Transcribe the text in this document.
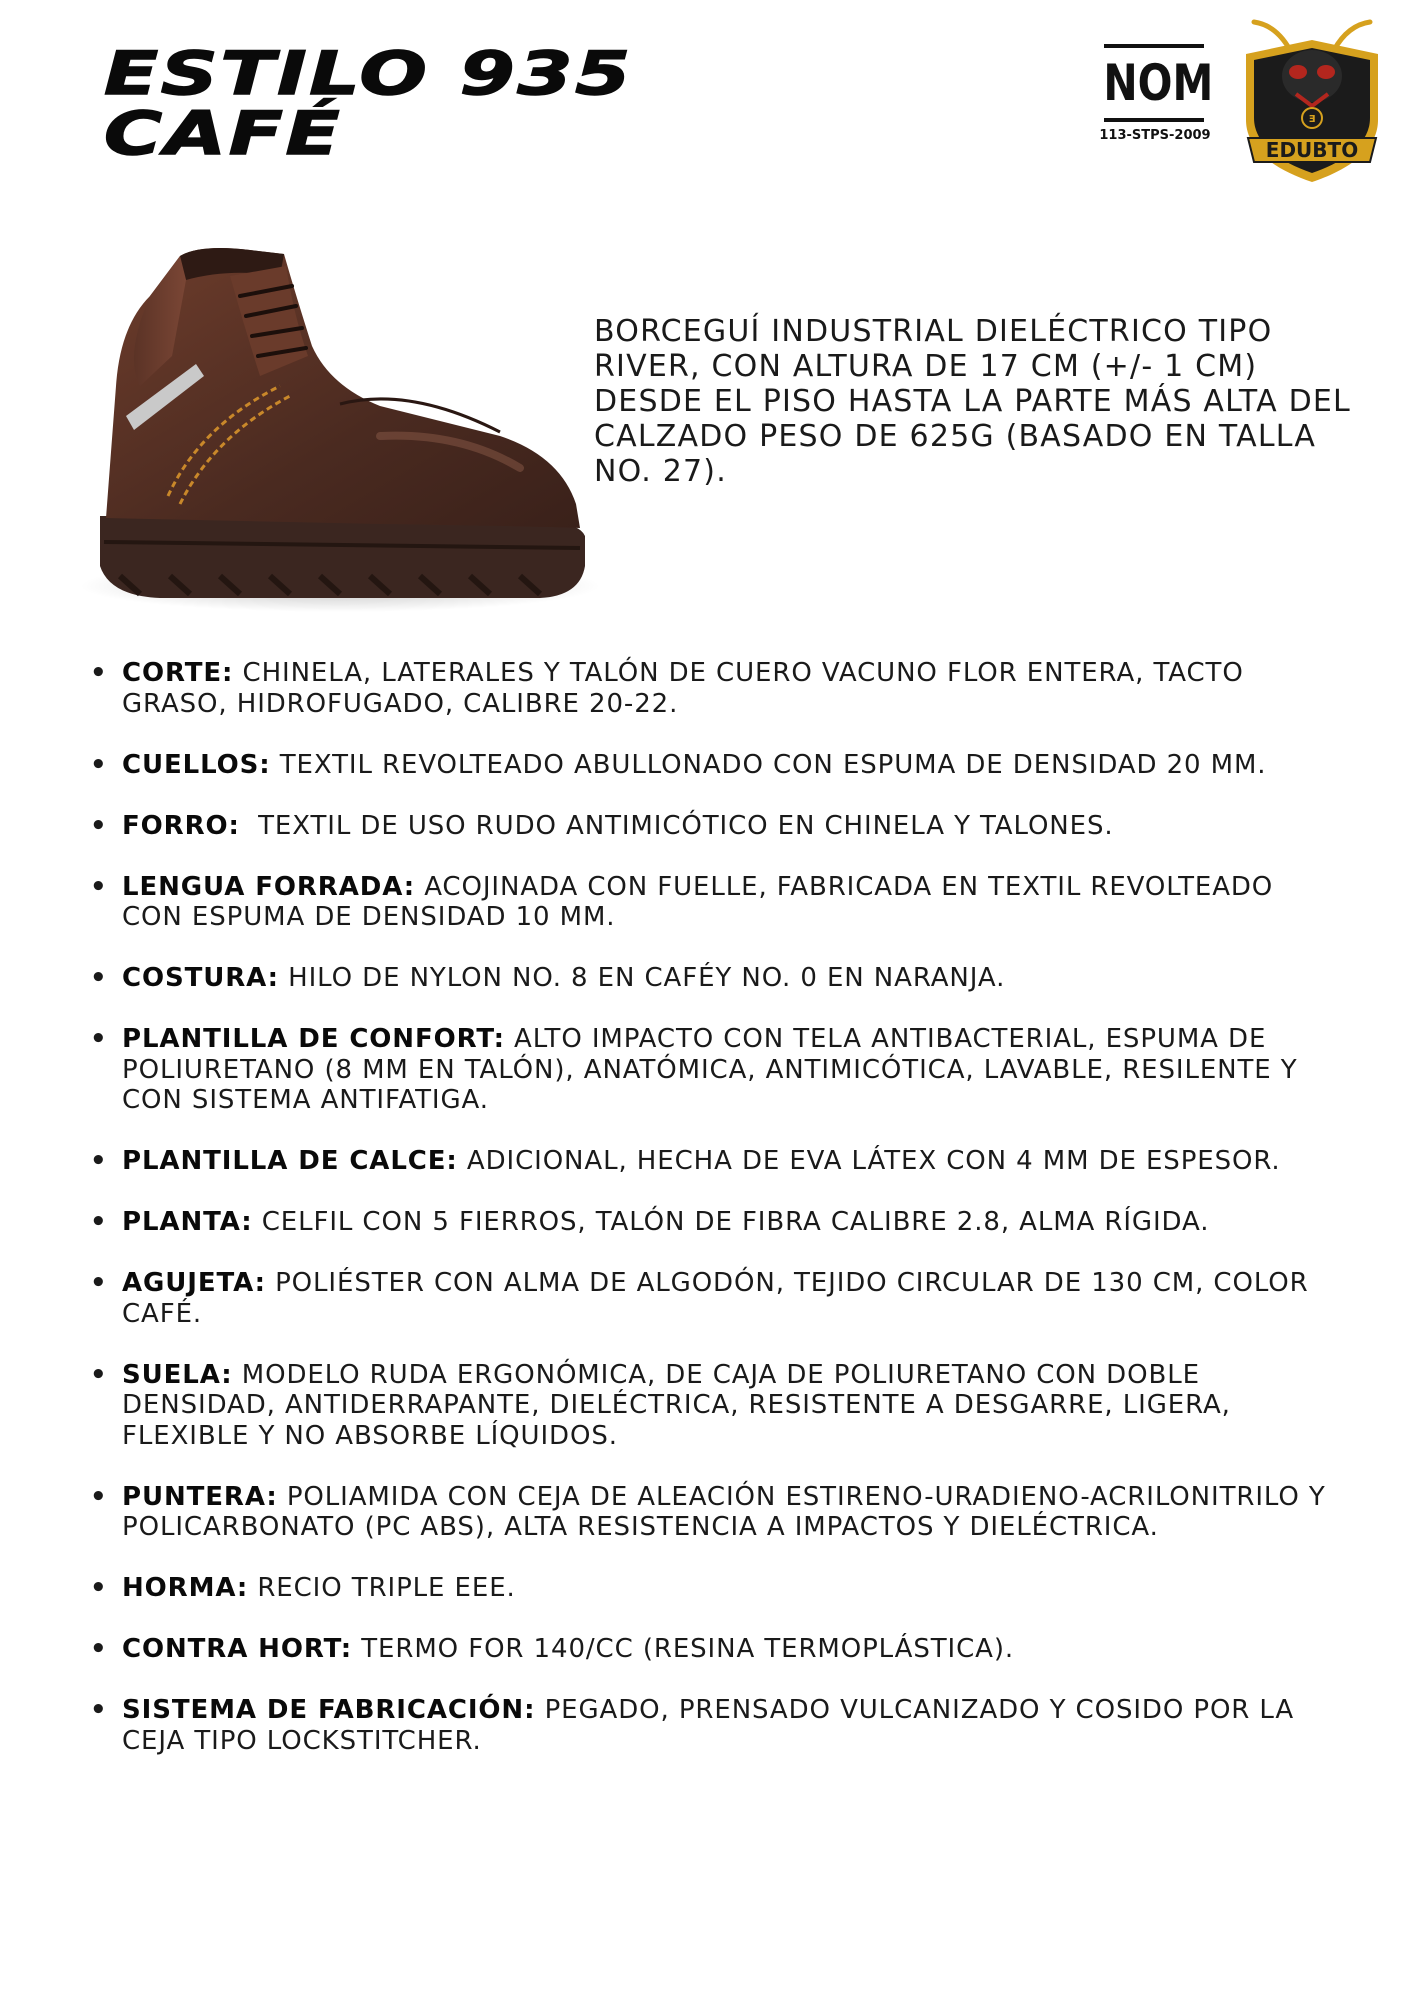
ESTILO 935
CAFÉ
NOM
113-STPS-2009
Ǝ
EDUBTO

BORCEGUÍ INDUSTRIAL DIELÉCTRICO TIPO RIVER, CON ALTURA DE 17 CM (+/- 1 CM) DESDE EL PISO HASTA LA PARTE MÁS ALTA DEL CALZADO PESO DE 625G (BASADO EN TALLA NO. 27).

• CORTE: CHINELA, LATERALES Y TALÓN DE CUERO VACUNO FLOR ENTERA, TACTO GRASO, HIDROFUGADO, CALIBRE 20-22.
• CUELLOS: TEXTIL REVOLTEADO ABULLONADO CON ESPUMA DE DENSIDAD 20 MM.
• FORRO:  TEXTIL DE USO RUDO ANTIMICÓTICO EN CHINELA Y TALONES.
• LENGUA FORRADA: ACOJINADA CON FUELLE, FABRICADA EN TEXTIL REVOLTEADO CON ESPUMA DE DENSIDAD 10 MM.
• COSTURA: HILO DE NYLON NO. 8 EN CAFÉY NO. 0 EN NARANJA.
• PLANTILLA DE CONFORT: ALTO IMPACTO CON TELA ANTIBACTERIAL, ESPUMA DE POLIURETANO (8 MM EN TALÓN), ANATÓMICA, ANTIMICÓTICA, LAVABLE, RESILENTE Y CON SISTEMA ANTIFATIGA.
• PLANTILLA DE CALCE: ADICIONAL, HECHA DE EVA LÁTEX CON 4 MM DE ESPESOR.
• PLANTA: CELFIL CON 5 FIERROS, TALÓN DE FIBRA CALIBRE 2.8, ALMA RÍGIDA.
• AGUJETA: POLIÉSTER CON ALMA DE ALGODÓN, TEJIDO CIRCULAR DE 130 CM, COLOR CAFÉ.
• SUELA: MODELO RUDA ERGONÓMICA, DE CAJA DE POLIURETANO CON DOBLE DENSIDAD, ANTIDERRAPANTE, DIELÉCTRICA, RESISTENTE A DESGARRE, LIGERA, FLEXIBLE Y NO ABSORBE LÍQUIDOS.
• PUNTERA: POLIAMIDA CON CEJA DE ALEACIÓN ESTIRENO-URADIENO-ACRILONITRILO Y POLICARBONATO (PC ABS), ALTA RESISTENCIA A IMPACTOS Y DIELÉCTRICA.
• HORMA: RECIO TRIPLE EEE.
• CONTRA HORT: TERMO FOR 140/CC (RESINA TERMOPLÁSTICA).
• SISTEMA DE FABRICACIÓN: PEGADO, PRENSADO VULCANIZADO Y COSIDO POR LA CEJA TIPO LOCKSTITCHER.
